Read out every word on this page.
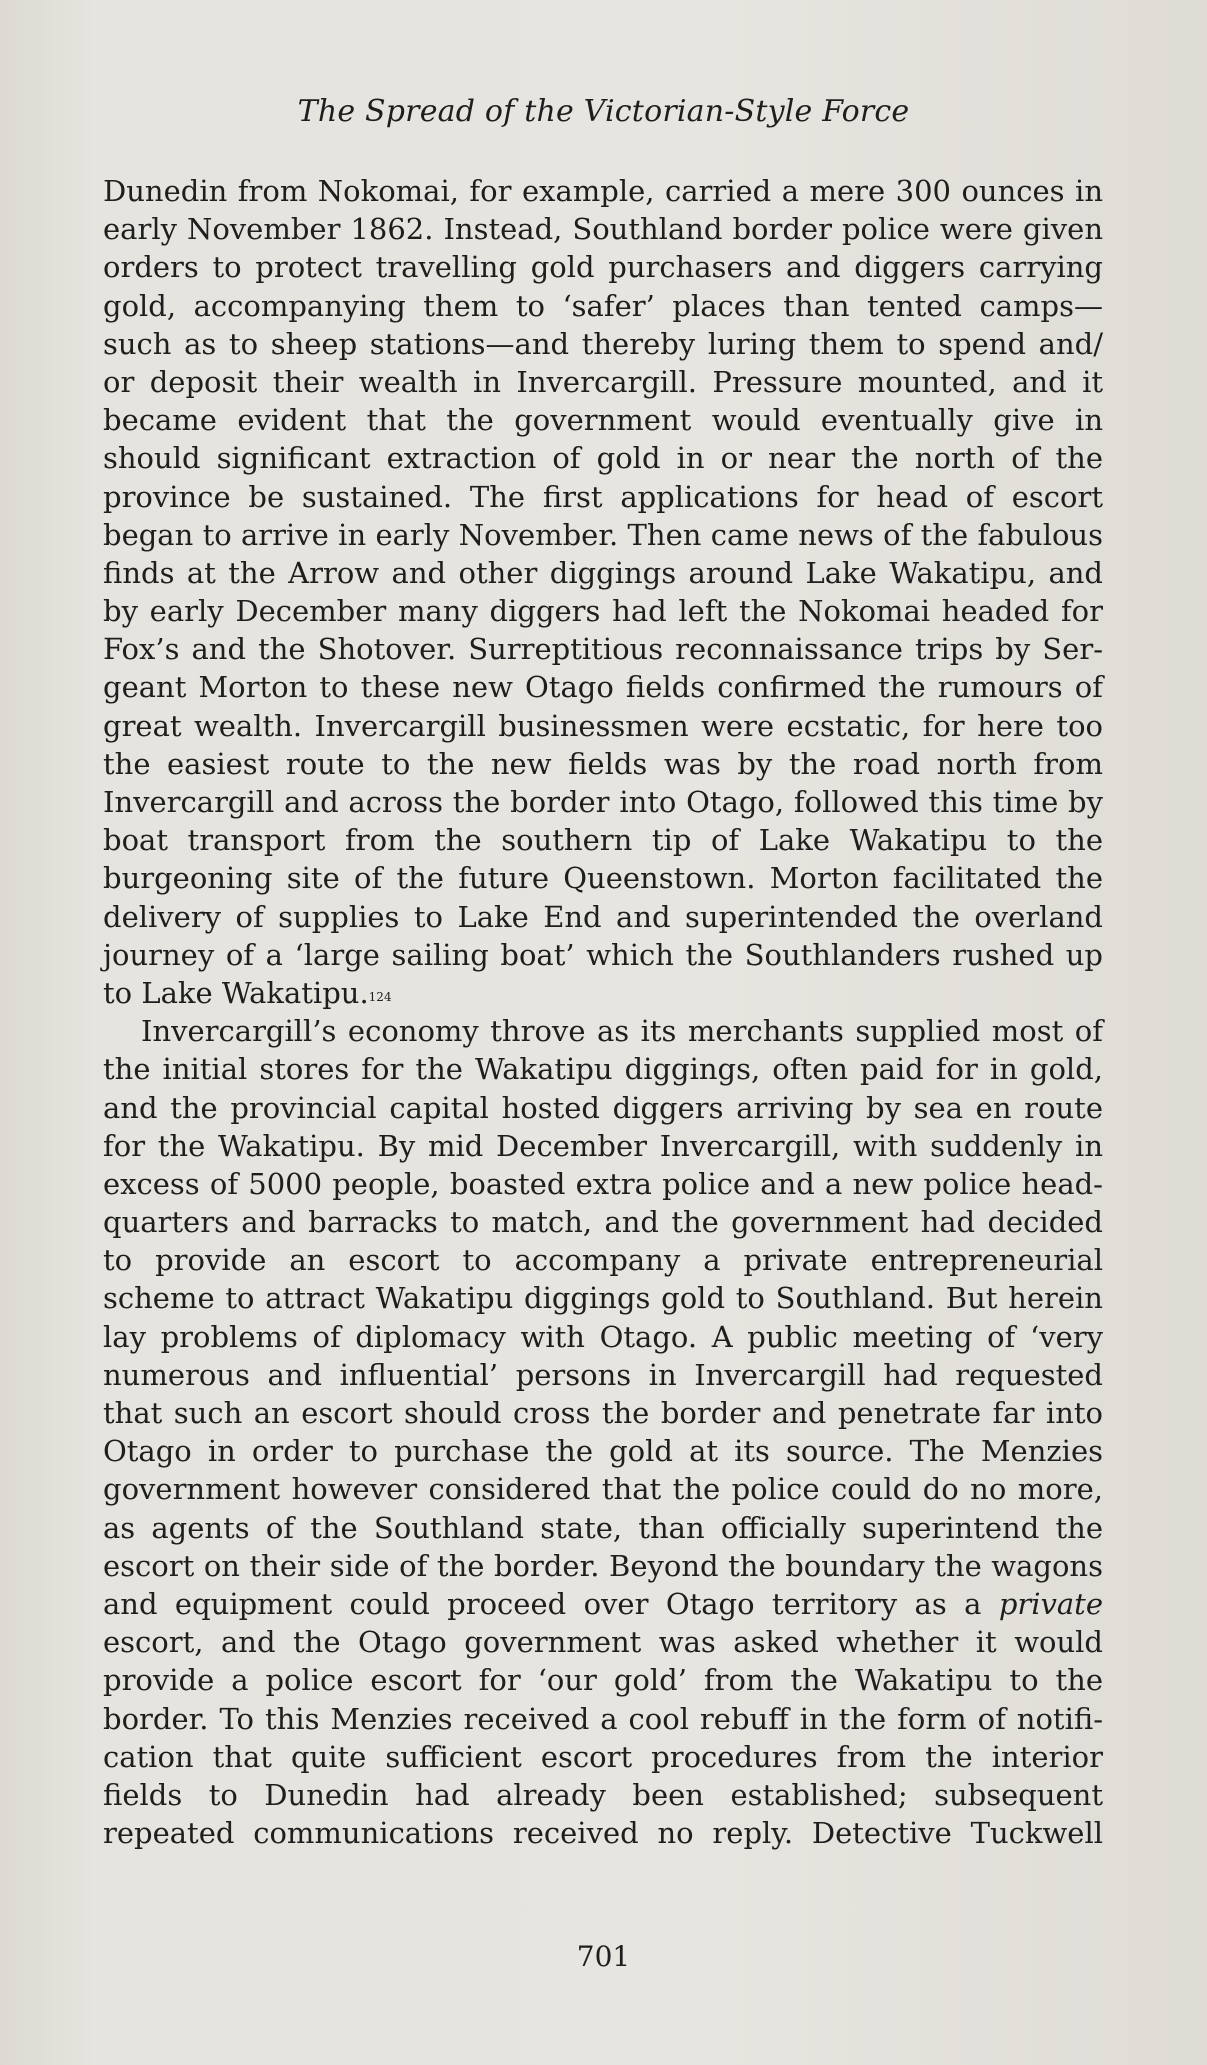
The Spread of the Victorian-Style Force
Dunedin from Nokomai, for example, carried a mere 300 ounces in
early November 1862. Instead, Southland border police were given
orders to protect travelling gold purchasers and diggers carrying
gold, accompanying them to ‘safer’ places than tented camps—
such as to sheep stations—and thereby luring them to spend and/
or deposit their wealth in Invercargill. Pressure mounted, and it
became evident that the government would eventually give in
should significant extraction of gold in or near the north of the
province be sustained. The first applications for head of escort
began to arrive in early November. Then came news of the fabulous
finds at the Arrow and other diggings around Lake Wakatipu, and
by early December many diggers had left the Nokomai headed for
Fox’s and the Shotover. Surreptitious reconnaissance trips by Ser-
geant Morton to these new Otago fields confirmed the rumours of
great wealth. Invercargill businessmen were ecstatic, for here too
the easiest route to the new fields was by the road north from
Invercargill and across the border into Otago, followed this time by
boat transport from the southern tip of Lake Wakatipu to the
burgeoning site of the future Queenstown. Morton facilitated the
delivery of supplies to Lake End and superintended the overland
journey of a ‘large sailing boat’ which the Southlanders rushed up
to Lake Wakatipu.$^{124}$
Invercargill’s economy throve as its merchants supplied most of
the initial stores for the Wakatipu diggings, often paid for in gold,
and the provincial capital hosted diggers arriving by sea en route
for the Wakatipu. By mid December Invercargill, with suddenly in
excess of 5000 people, boasted extra police and a new police head-
quarters and barracks to match, and the government had decided
to provide an escort to accompany a private entrepreneurial
scheme to attract Wakatipu diggings gold to Southland. But herein
lay problems of diplomacy with Otago. A public meeting of ‘very
numerous and influential’ persons in Invercargill had requested
that such an escort should cross the border and penetrate far into
Otago in order to purchase the gold at its source. The Menzies
government however considered that the police could do no more,
as agents of the Southland state, than officially superintend the
escort on their side of the border. Beyond the boundary the wagons
and equipment could proceed over Otago territory as a private
escort, and the Otago government was asked whether it would
provide a police escort for ‘our gold’ from the Wakatipu to the
border. To this Menzies received a cool rebuff in the form of notifi-
cation that quite sufficient escort procedures from the interior
fields to Dunedin had already been established; subsequent
repeated communications received no reply. Detective Tuckwell
701
